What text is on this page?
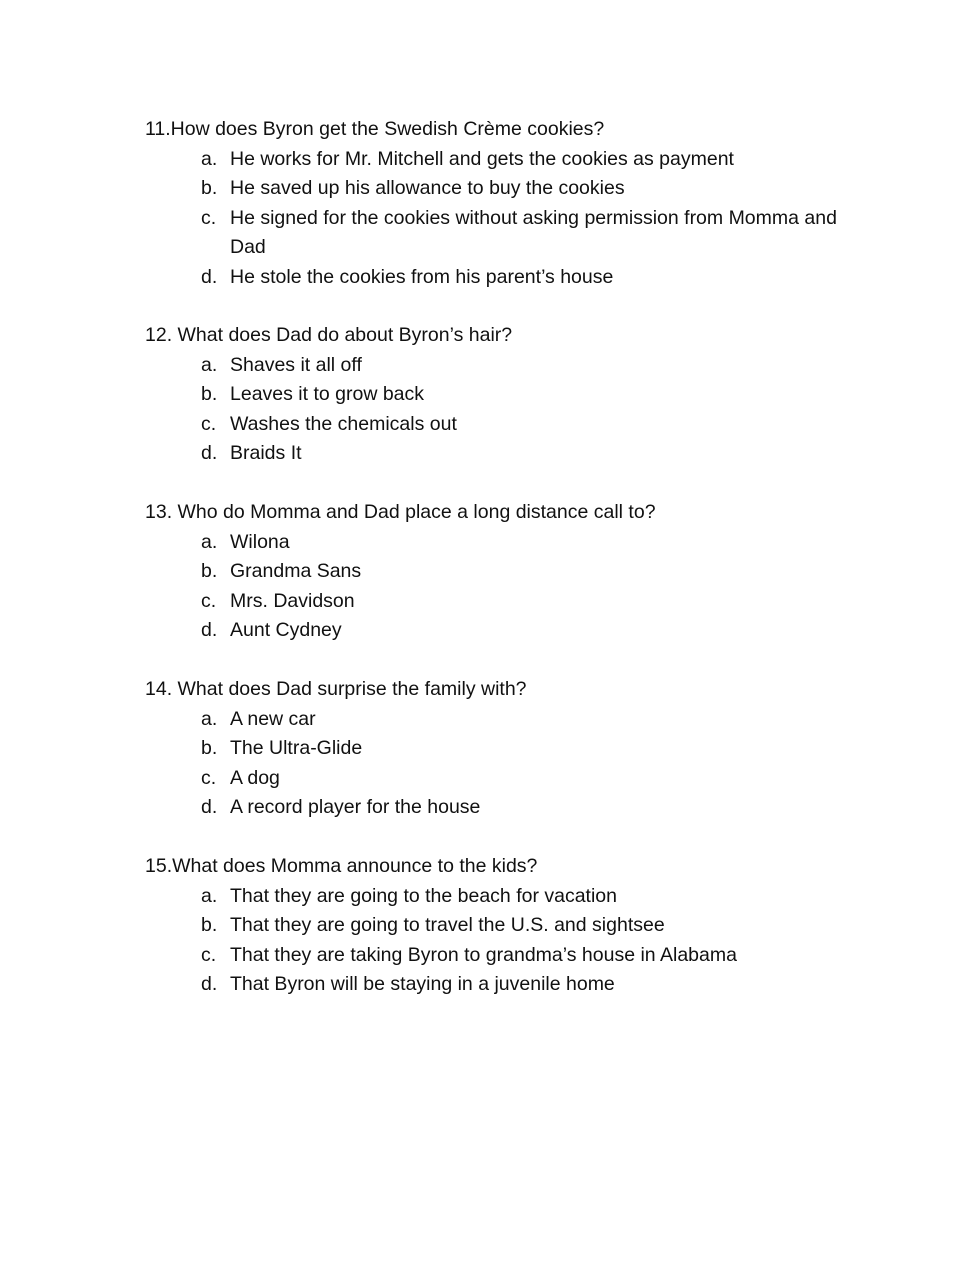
11.How does Byron get the Swedish Crème cookies?
a. He works for Mr. Mitchell and gets the cookies as payment
b. He saved up his allowance to buy the cookies
c. He signed for the cookies without asking permission from Momma and Dad
d. He stole the cookies from his parent’s house
12. What does Dad do about Byron’s hair?
a. Shaves it all off
b. Leaves it to grow back
c. Washes the chemicals out
d. Braids It
13. Who do Momma and Dad place a long distance call to?
a. Wilona
b. Grandma Sans
c. Mrs. Davidson
d. Aunt Cydney
14. What does Dad surprise the family with?
a. A new car
b. The Ultra-Glide
c. A dog
d. A record player for the house
15.What does Momma announce to the kids?
a. That they are going to the beach for vacation
b. That they are going to travel the U.S. and sightsee
c. That they are taking Byron to grandma’s house in Alabama
d. That Byron will be staying in a juvenile home
